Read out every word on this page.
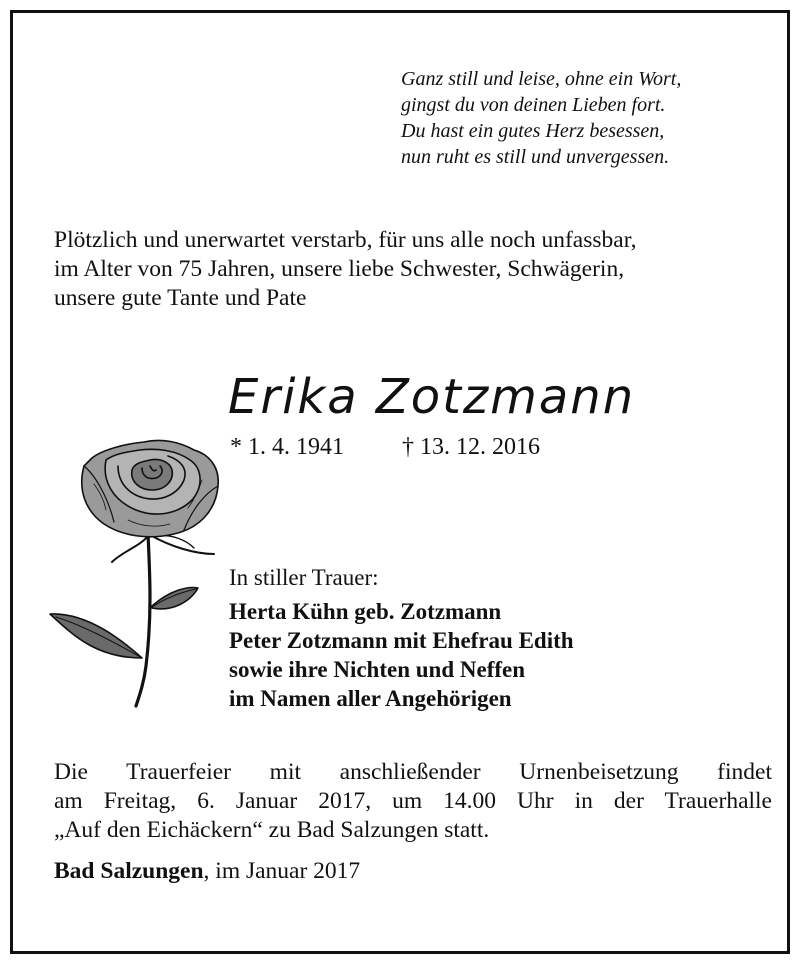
Ganz still und leise, ohne ein Wort,
gingst du von deinen Lieben fort.
Du hast ein gutes Herz besessen,
nun ruht es still und unvergessen.
Plötzlich und unerwartet verstarb, für uns alle noch unfassbar,
im Alter von 75 Jahren, unsere liebe Schwester, Schwägerin,
unsere gute Tante und Pate
Erika Zotzmann
* 1. 4. 1941 † 13. 12. 2016
In stiller Trauer:
Herta Kühn geb. Zotzmann
Peter Zotzmann mit Ehefrau Edith
sowie ihre Nichten und Neffen
im Namen aller Angehörigen
Die Trauerfeier mit anschließender Urnenbeisetzung findet
am Freitag, 6. Januar 2017, um 14.00 Uhr in der Trauerhalle
„Auf den Eichäckern“ zu Bad Salzungen statt.
Bad Salzungen, im Januar 2017
